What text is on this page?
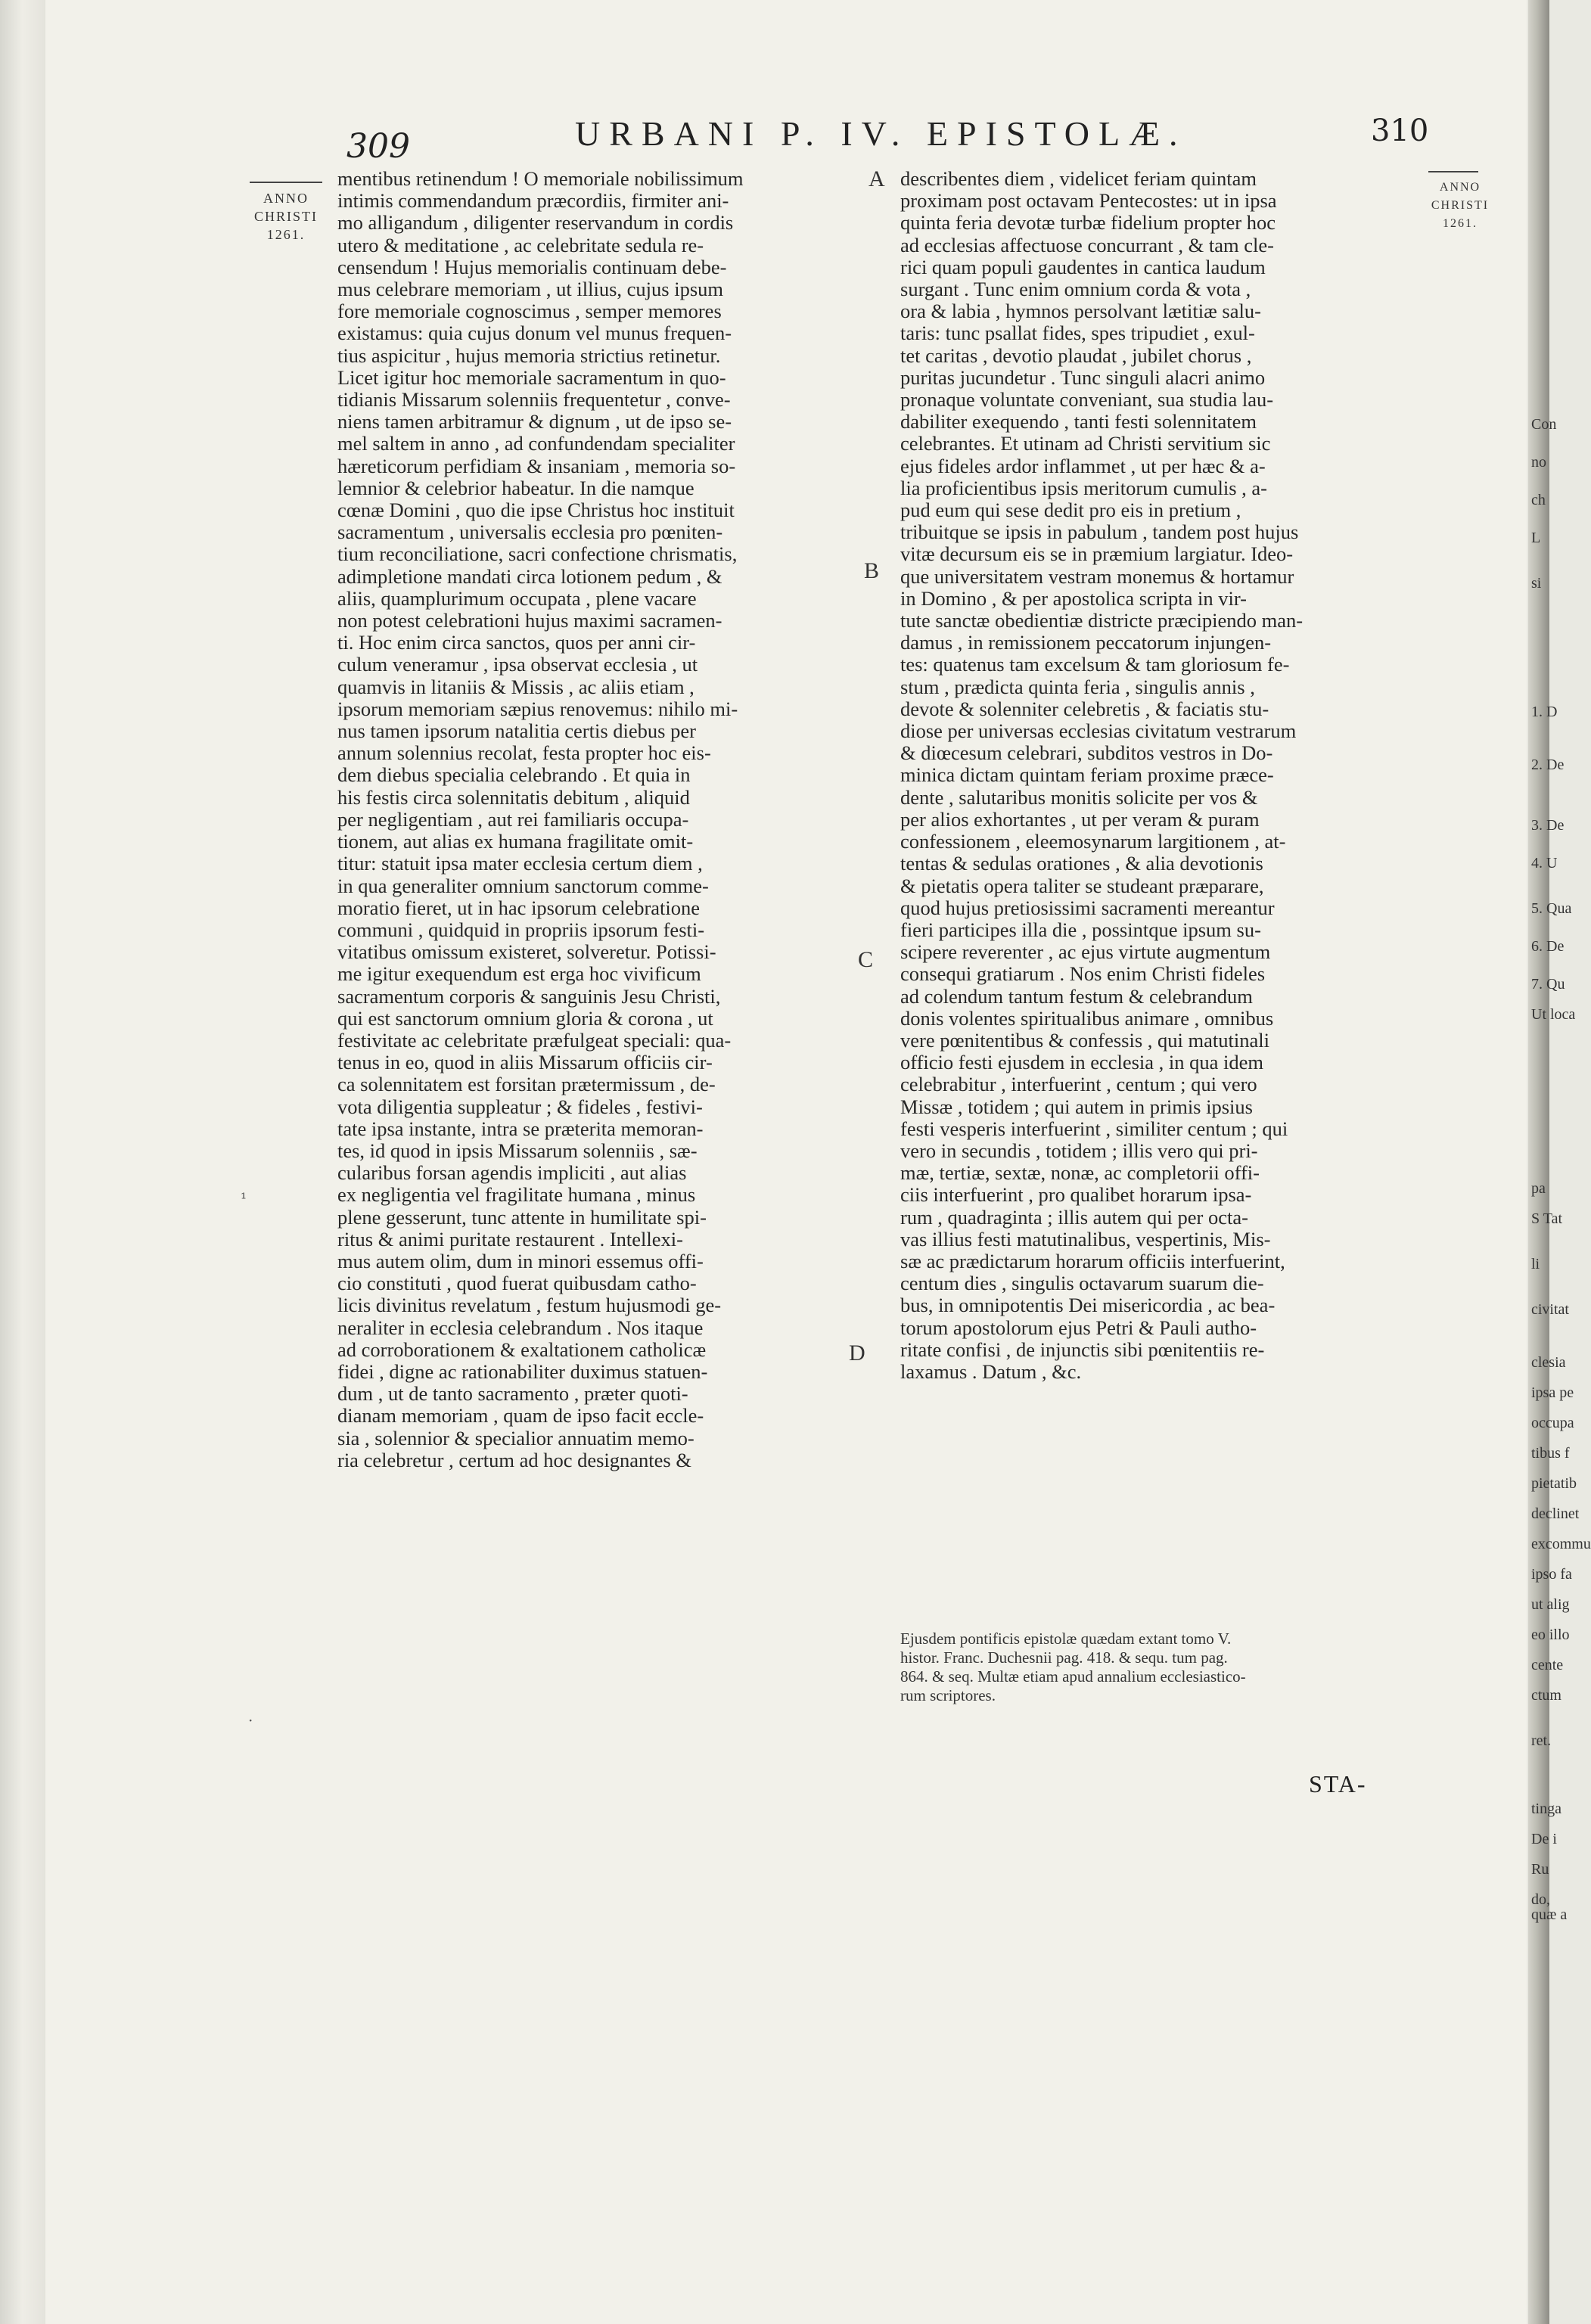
309	URBANI P. IV. EPISTOLÆ.	310
ANNO
CHRISTI
1261.
ANNO
CHRISTI
1261.
A
B
C
D
¹
·
mentibus retinendum ! O memoriale nobilissimum
intimis commendandum præcordiis, firmiter ani-
mo alligandum , diligenter reservandum in cordis
utero & meditatione , ac celebritate sedula re-
censendum ! Hujus memorialis continuam debe-
mus celebrare memoriam , ut illius, cujus ipsum
fore memoriale cognoscimus , semper memores
existamus: quia cujus donum vel munus frequen-
tius aspicitur , hujus memoria strictius retinetur.
Licet igitur hoc memoriale sacramentum in quo-
tidianis Missarum solenniis frequentetur , conve-
niens tamen arbitramur & dignum , ut de ipso se-
mel saltem in anno , ad confundendam specialiter
hæreticorum perfidiam & insaniam , memoria so-
lemnior & celebrior habeatur. In die namque
cœnæ Domini , quo die ipse Christus hoc instituit
sacramentum , universalis ecclesia pro pœniten-
tium reconciliatione, sacri confectione chrismatis,
adimpletione mandati circa lotionem pedum , &
aliis, quamplurimum occupata , plene vacare
non potest celebrationi hujus maximi sacramen-
ti. Hoc enim circa sanctos, quos per anni cir-
culum veneramur , ipsa observat ecclesia , ut
quamvis in litaniis & Missis , ac aliis etiam ,
ipsorum memoriam sæpius renovemus: nihilo mi-
nus tamen ipsorum natalitia certis diebus per
annum solennius recolat, festa propter hoc eis-
dem diebus specialia celebrando . Et quia in
his festis circa solennitatis debitum , aliquid
per negligentiam , aut rei familiaris occupa-
tionem, aut alias ex humana fragilitate omit-
titur: statuit ipsa mater ecclesia certum diem ,
in qua generaliter omnium sanctorum comme-
moratio fieret, ut in hac ipsorum celebratione
communi , quidquid in propriis ipsorum festi-
vitatibus omissum existeret, solveretur. Potissi-
me igitur exequendum est erga hoc vivificum
sacramentum corporis & sanguinis Jesu Christi,
qui est sanctorum omnium gloria & corona , ut
festivitate ac celebritate præfulgeat speciali: qua-
tenus in eo, quod in aliis Missarum officiis cir-
ca solennitatem est forsitan prætermissum , de-
vota diligentia suppleatur ; & fideles , festivi-
tate ipsa instante, intra se præterita memoran-
tes, id quod in ipsis Missarum solenniis , sæ-
cularibus forsan agendis impliciti , aut alias
ex negligentia vel fragilitate humana , minus
plene gesserunt, tunc attente in humilitate spi-
ritus & animi puritate restaurent . Intellexi-
mus autem olim, dum in minori essemus offi-
cio constituti , quod fuerat quibusdam catho-
licis divinitus revelatum , festum hujusmodi ge-
neraliter in ecclesia celebrandum . Nos itaque
ad corroborationem & exaltationem catholicæ
fidei , digne ac rationabiliter duximus statuen-
dum , ut de tanto sacramento , præter quoti-
dianam memoriam , quam de ipso facit eccle-
sia , solennior & specialior annuatim memo-
ria celebretur , certum ad hoc designantes &
describentes diem , videlicet feriam quintam
proximam post octavam Pentecostes: ut in ipsa
quinta feria devotæ turbæ fidelium propter hoc
ad ecclesias affectuose concurrant , & tam cle-
rici quam populi gaudentes in cantica laudum
surgant . Tunc enim omnium corda & vota ,
ora & labia , hymnos persolvant lætitiæ salu-
taris: tunc psallat fides, spes tripudiet , exul-
tet caritas , devotio plaudat , jubilet chorus ,
puritas jucundetur . Tunc singuli alacri animo
pronaque voluntate conveniant, sua studia lau-
dabiliter exequendo , tanti festi solennitatem
celebrantes. Et utinam ad Christi servitium sic
ejus fideles ardor inflammet , ut per hæc & a-
lia proficientibus ipsis meritorum cumulis , a-
pud eum qui sese dedit pro eis in pretium ,
tribuitque se ipsis in pabulum , tandem post hujus
vitæ decursum eis se in præmium largiatur. Ideo-
que universitatem vestram monemus & hortamur
in Domino , & per apostolica scripta in vir-
tute sanctæ obedientiæ districte præcipiendo man-
damus , in remissionem peccatorum injungen-
tes: quatenus tam excelsum & tam gloriosum fe-
stum , prædicta quinta feria , singulis annis ,
devote & solenniter celebretis , & faciatis stu-
diose per universas ecclesias civitatum vestrarum
& diœcesum celebrari, subditos vestros in Do-
minica dictam quintam feriam proxime præce-
dente , salutaribus monitis solicite per vos &
per alios exhortantes , ut per veram & puram
confessionem , eleemosynarum largitionem , at-
tentas & sedulas orationes , & alia devotionis
& pietatis opera taliter se studeant præparare,
quod hujus pretiosissimi sacramenti mereantur
fieri participes illa die , possintque ipsum su-
scipere reverenter , ac ejus virtute augmentum
consequi gratiarum . Nos enim Christi fideles
ad colendum tantum festum & celebrandum
donis volentes spiritualibus animare , omnibus
vere pœnitentibus & confessis , qui matutinali
officio festi ejusdem in ecclesia , in qua idem
celebrabitur , interfuerint , centum ; qui vero
Missæ , totidem ; qui autem in primis ipsius
festi vesperis interfuerint , similiter centum ; qui
vero in secundis , totidem ; illis vero qui pri-
mæ, tertiæ, sextæ, nonæ, ac completorii offi-
ciis interfuerint , pro qualibet horarum ipsa-
rum , quadraginta ; illis autem qui per octa-
vas illius festi matutinalibus, vespertinis, Mis-
sæ ac prædictarum horarum officiis interfuerint,
centum dies , singulis octavarum suarum die-
bus, in omnipotentis Dei misericordia , ac bea-
torum apostolorum ejus Petri & Pauli autho-
ritate confisi , de injunctis sibi pœnitentiis re-
laxamus . Datum , &c.
Ejusdem pontificis epistolæ quædam extant tomo V.
histor. Franc. Duchesnii pag. 418. & sequ. tum pag.
864. & seq. Multæ etiam apud annalium ecclesiastico-
rum scriptores.
STA-
Con
no
ch
L
si
1. D
2. De
3. De
4. U
5. Qua
6. De
7. Qu
Ut loca
pa
S Tat
li
civitat
clesia
ipsa pe
occupa
tibus f
pietatib
declinet
excommu
ipso fa
ut alig
eo illo
cente
ctum
ret.
tinga
De i
Ru
do,
quæ a
